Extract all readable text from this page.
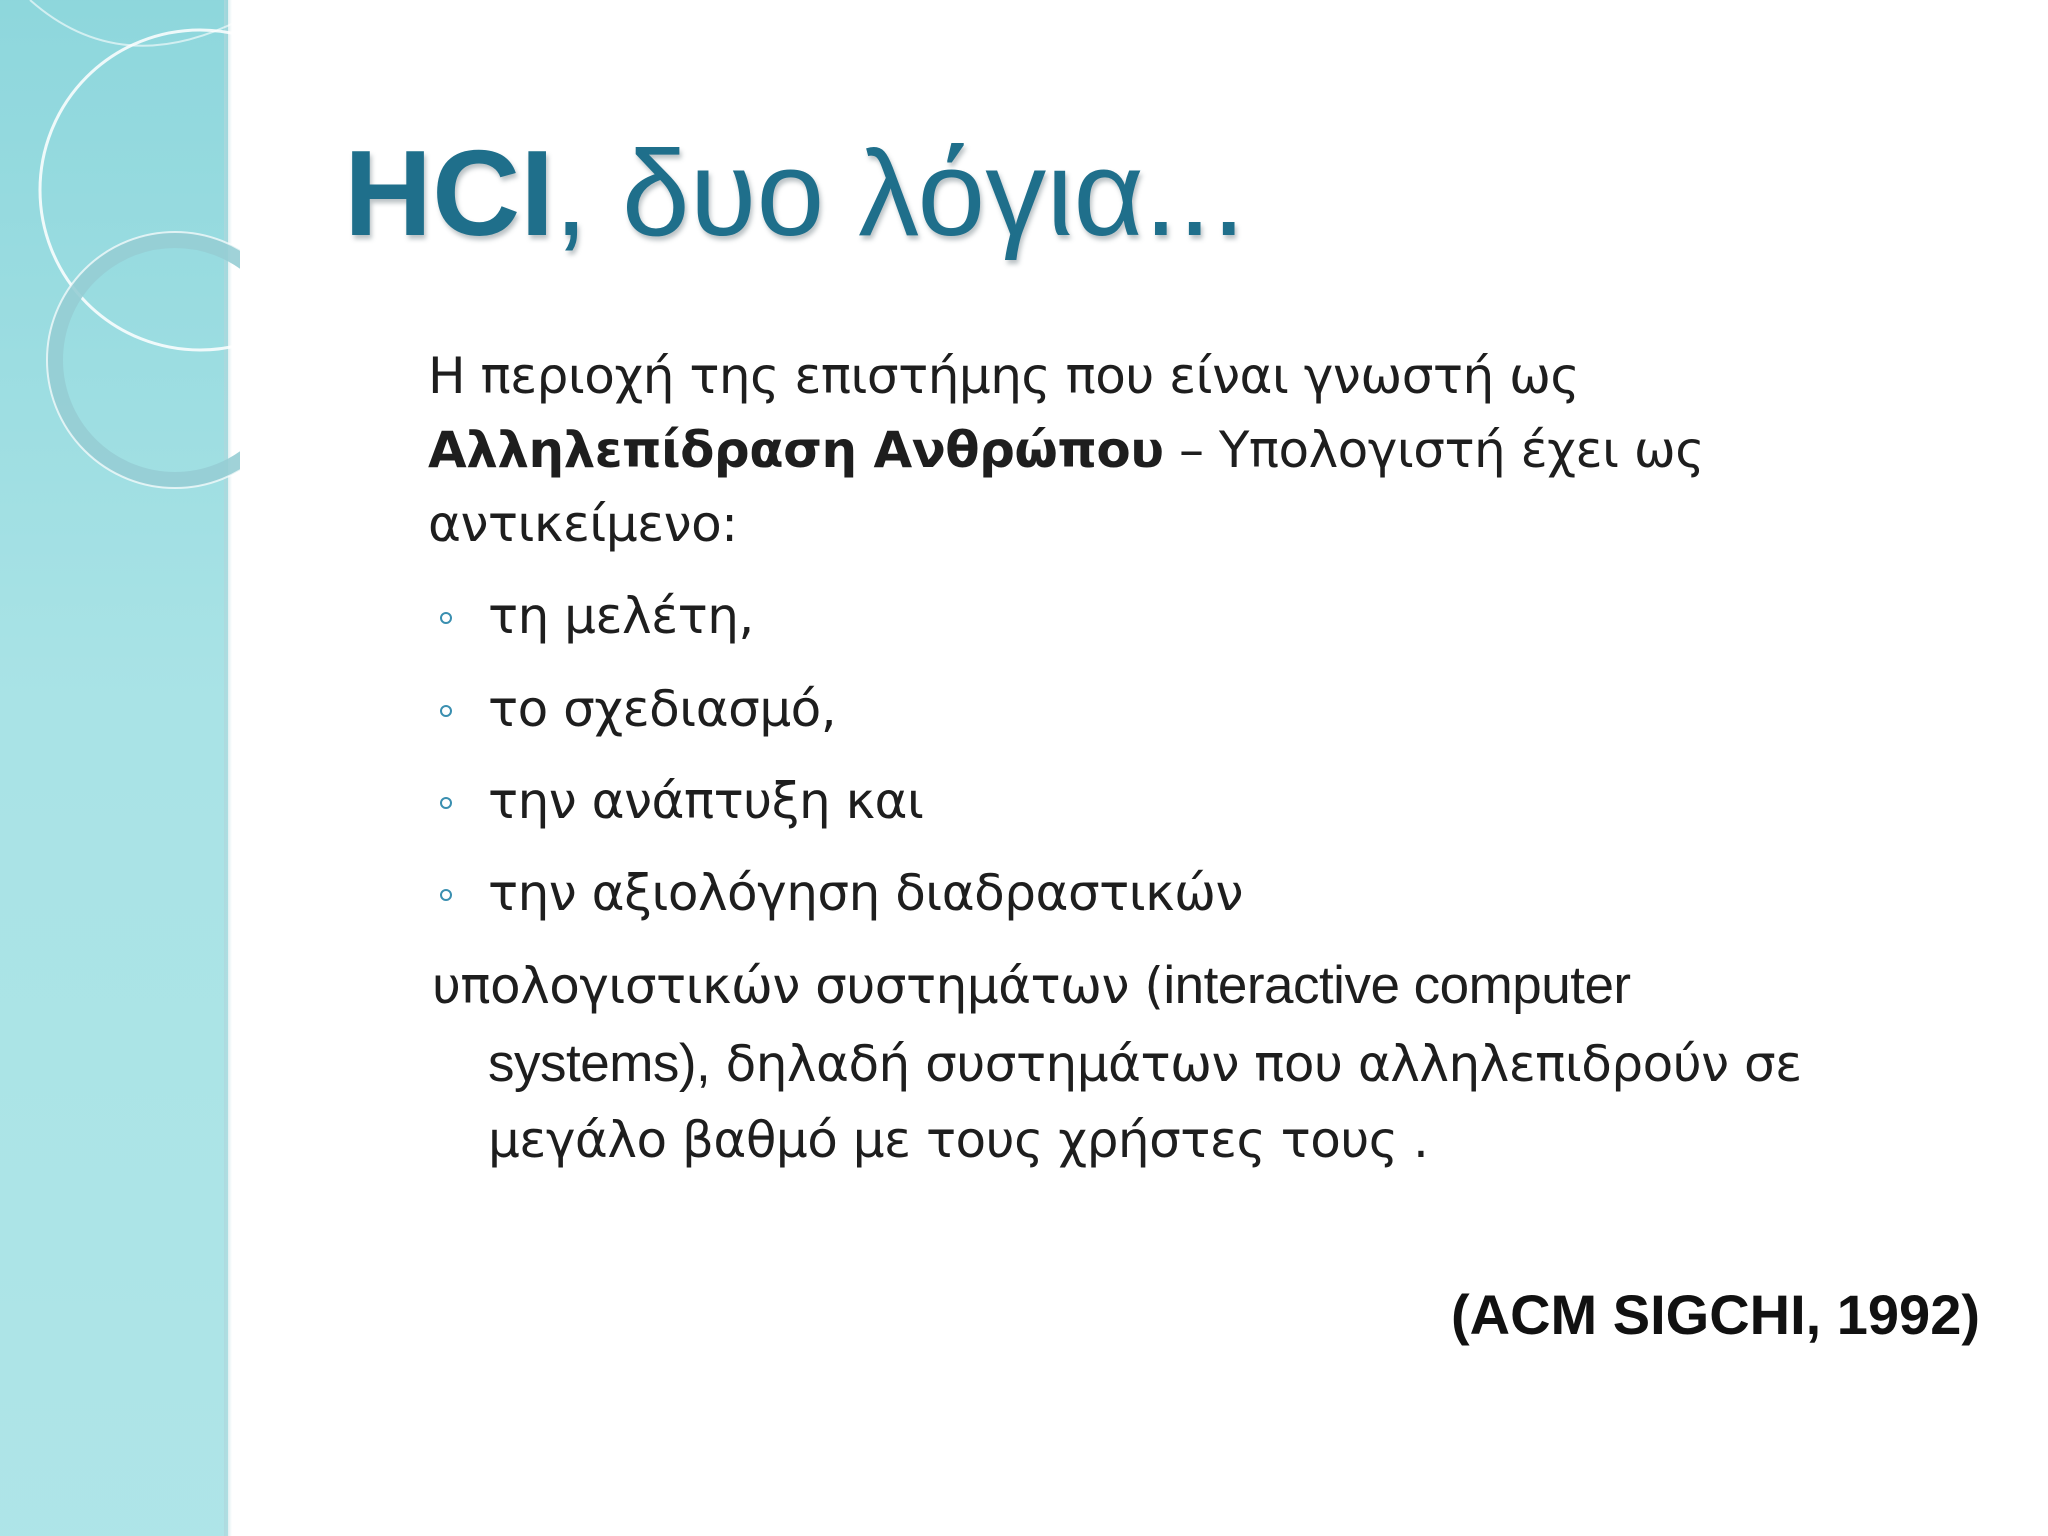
HCI, δυο λόγια...
Η περιοχή της επιστήμης που είναι γνωστή ως
Αλληλεπίδραση Ανθρώπου – Υπολογιστή έχει ως
αντικείμενο:
τη μελέτη,
το σχεδιασμό,
την ανάπτυξη και
την αξιολόγηση διαδραστικών
υπολογιστικών συστημάτων (interactive computer
systems), δηλαδή συστημάτων που αλληλεπιδρούν σε
μεγάλο βαθμό με τους χρήστες τους .
(ACM SIGCHI, 1992)
